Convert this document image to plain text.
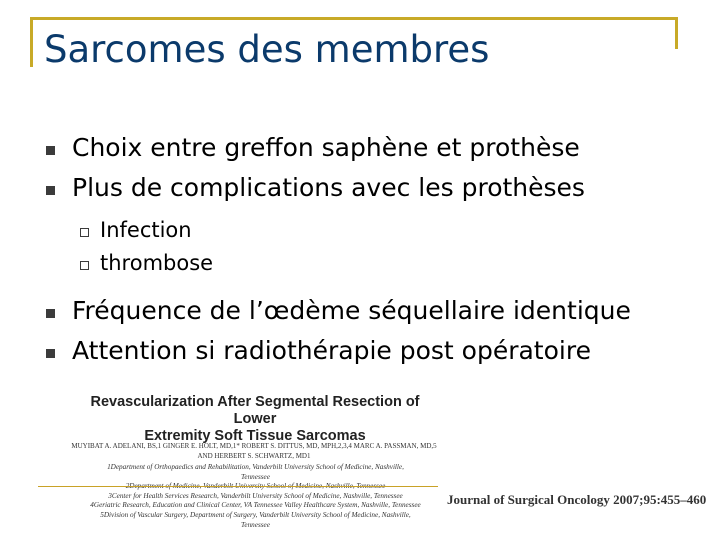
Sarcomes des membres
Choix entre greffon saphène et prothèse
Plus de complications avec les prothèses
Infection
thrombose
Fréquence de l’œdème séquellaire identique
Attention si radiothérapie post opératoire
Revascularization After Segmental Resection of Lower
Extremity Soft Tissue Sarcomas
MUYIBAT A. ADELANI, BS,1 GINGER E. HOLT, MD,1* ROBERT S. DITTUS, MD, MPH,2,3,4 MARC A. PASSMAN, MD,5
AND HERBERT S. SCHWARTZ, MD1
1Department of Orthopaedics and Rehabilitation, Vanderbilt University School of Medicine, Nashville,
Tennessee
3Center for Health Services Research, Vanderbilt University School of Medicine, Nashville, Tennessee
4Geriatric Research, Education and Clinical Center, VA Tennessee Valley Healthcare System, Nashville, Tennessee
5Division of Vascular Surgery, Department of Surgery, Vanderbilt University School of Medicine, Nashville,
Tennessee
Journal of Surgical Oncology 2007;95:455–460
